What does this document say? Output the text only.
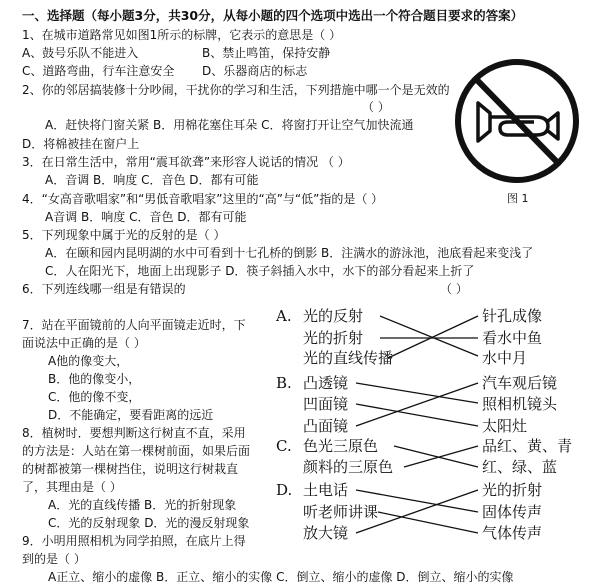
一、选择题（每小题3分，共30分，从每小题的四个选项中选出一个符合题目要求的答案）
1、在城市道路常见如图1所示的标牌，它表示的意思是（ ）
A、鼓号乐队不能进入	B、禁止鸣笛，保持安静
C、道路弯曲，行车注意安全 D、乐器商店的标志
2、你的邻居搞装修十分吵闹，干扰你的学习和生活，下列措施中哪一个是无效的
（ ）
A．赶快将门窗关紧 B．用棉花塞住耳朵 C．将窗打开让空气加快流通
D．将棉被挂在窗户上
3．在日常生活中，常用“震耳欲聋”来形容人说话的情况 （ ）
A．音调 B．响度 C．音色 D．都有可能
4．“女高音歌唱家”和“男低音歌唱家”这里的“高”与“低”指的是（ ）
A音调 B．响度 C．音色 D．都有可能
5．下列现象中属于光的反射的是（ ）
A．在颐和园内昆明湖的水中可看到十七孔桥的倒影 B．注满水的游泳池，池底看起来变浅了
C．人在阳光下，地面上出现影子 D．筷子斜插入水中，水下的部分看起来上折了
6．下列连线哪一组是有错误的	（ ）
7．站在平面镜前的人向平面镜走近时，下
面说法中正确的是（ ）
A他的像变大，
B．他的像变小，
C．他的像不变，
D．不能确定，要看距离的远近
8．植树时．要想判断这行树直不直，采用
的方法是：人站在第一棵树前面，如果后面
的树都被第一棵树挡住，说明这行树栽直
了，其理由是（ ）
A．光的直线传播 B．光的折射现象
C．光的反射现象 D．光的漫反射现象
9．小明用照相机为同学拍照，在底片上得
到的是（ ）
A正立、缩小的虚像 B．正立、缩小的实像 C．倒立、缩小的虚像 D．倒立、缩小的实像
图 1
A. 光的反射
光的折射
光的直线传播
针孔成像
看水中鱼
水中月
B. 凸透镜
凹面镜
凸面镜
汽车观后镜
照相机镜头
太阳灶
C. 色光三原色
颜料的三原色
品红、黄、青
红、绿、蓝
D. 土电话
听老师讲课
放大镜
光的折射
固体传声
气体传声
